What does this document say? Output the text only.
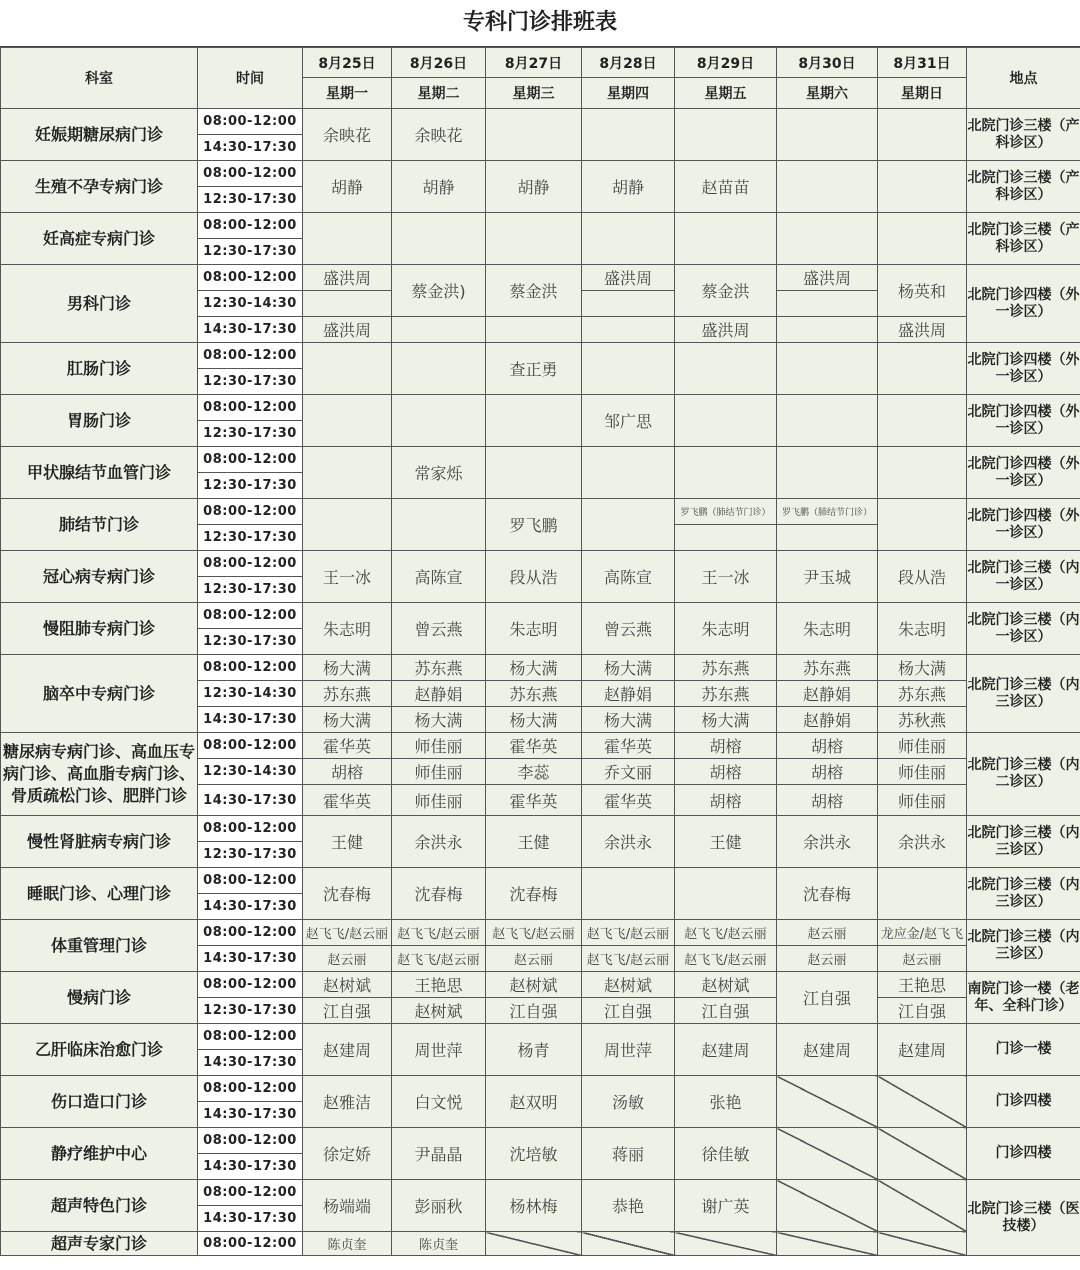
专科门诊排班表
科室	时间	8月25日	8月26日	8月27日	8月28日	8月29日	8月30日	8月31日	地点	
		星期一	星期二	星期三	星期四	星期五	星期六	星期日		
妊娠期糖尿病门诊	08:00-12:00	余映花	余映花						北院门诊三楼（产科诊区）	
	14:30-17:30									
生殖不孕专病门诊	08:00-12:00	胡静	胡静	胡静	胡静	赵苗苗			北院门诊三楼（产科诊区）	
	12:30-17:30									
妊高症专病门诊	08:00-12:00								北院门诊三楼（产科诊区）	
	12:30-17:30									
男科门诊	08:00-12:00	盛洪周	蔡金洪)	蔡金洪	盛洪周	蔡金洪	盛洪周	杨英和	北院门诊四楼（外一诊区）	
	12:30-14:30									
	14:30-17:30	盛洪周				盛洪周		盛洪周		
肛肠门诊	08:00-12:00			查正勇					北院门诊四楼（外一诊区）	
	12:30-17:30									
胃肠门诊	08:00-12:00				邹广思				北院门诊四楼（外一诊区）	
	12:30-17:30									
甲状腺结节血管门诊	08:00-12:00		常家烁						北院门诊四楼（外一诊区）	
	12:30-17:30									
肺结节门诊	08:00-12:00			罗飞鹏		罗飞鹏（肺结节门诊）	罗飞鹏（肺结节门诊）		北院门诊四楼（外一诊区）	
	12:30-17:30									
冠心病专病门诊	08:00-12:00	王一冰	高陈宣	段从浩	高陈宣	王一冰	尹玉城	段从浩	北院门诊三楼（内一诊区）	
	12:30-17:30									
慢阻肺专病门诊	08:00-12:00	朱志明	曾云燕	朱志明	曾云燕	朱志明	朱志明	朱志明	北院门诊三楼（内一诊区）	
	12:30-17:30									
脑卒中专病门诊	08:00-12:00	杨大满	苏东燕	杨大满	杨大满	苏东燕	苏东燕	杨大满	北院门诊三楼（内三诊区）	
	12:30-14:30	苏东燕	赵静娟	苏东燕	赵静娟	苏东燕	赵静娟	苏东燕		
	14:30-17:30	杨大满	杨大满	杨大满	杨大满	杨大满	赵静娟	苏秋燕		
糖尿病专病门诊、高血压专病门诊、高血脂专病门诊、骨质疏松门诊、肥胖门诊	08:00-12:00	霍华英	师佳丽	霍华英	霍华英	胡榕	胡榕	师佳丽	北院门诊三楼（内二诊区）	
	12:30-14:30	胡榕	师佳丽	李蕊	乔文丽	胡榕	胡榕	师佳丽		
	14:30-17:30	霍华英	师佳丽	霍华英	霍华英	胡榕	胡榕	师佳丽		
慢性肾脏病专病门诊	08:00-12:00	王健	余洪永	王健	余洪永	王健	余洪永	余洪永	北院门诊三楼（内三诊区）	
	12:30-17:30									
睡眠门诊、心理门诊	08:00-12:00	沈春梅	沈春梅	沈春梅			沈春梅		北院门诊三楼（内三诊区）	
	14:30-17:30									
体重管理门诊	08:00-12:00	赵飞飞/赵云丽	赵飞飞/赵云丽	赵飞飞/赵云丽	赵飞飞/赵云丽	赵飞飞/赵云丽	赵云丽	龙应金/赵飞飞	北院门诊三楼（内三诊区）	
	14:30-17:30	赵云丽	赵飞飞/赵云丽	赵云丽	赵飞飞/赵云丽	赵飞飞/赵云丽	赵云丽	赵云丽		
慢病门诊	08:00-12:00	赵树斌	王艳思	赵树斌	赵树斌	赵树斌	江自强	王艳思	南院门诊一楼（老年、全科门诊）	
	12:30-17:30	江自强	赵树斌	江自强	江自强	江自强		江自强		
乙肝临床治愈门诊	08:00-12:00	赵建周	周世萍	杨青	周世萍	赵建周	赵建周	赵建周	门诊一楼	
	14:30-17:30									
伤口造口门诊	08:00-12:00	赵雅洁	白文悦	赵双明	汤敏	张艳			门诊四楼	
	14:30-17:30									
静疗维护中心	08:00-12:00	徐定娇	尹晶晶	沈培敏	蒋丽	徐佳敏			门诊四楼	
	14:30-17:30									
超声特色门诊	08:00-12:00	杨端端	彭丽秋	杨林梅	恭艳	谢广英			北院门诊三楼（医技楼）	
	14:30-17:30									
超声专家门诊	08:00-12:00	陈贞奎	陈贞奎							
